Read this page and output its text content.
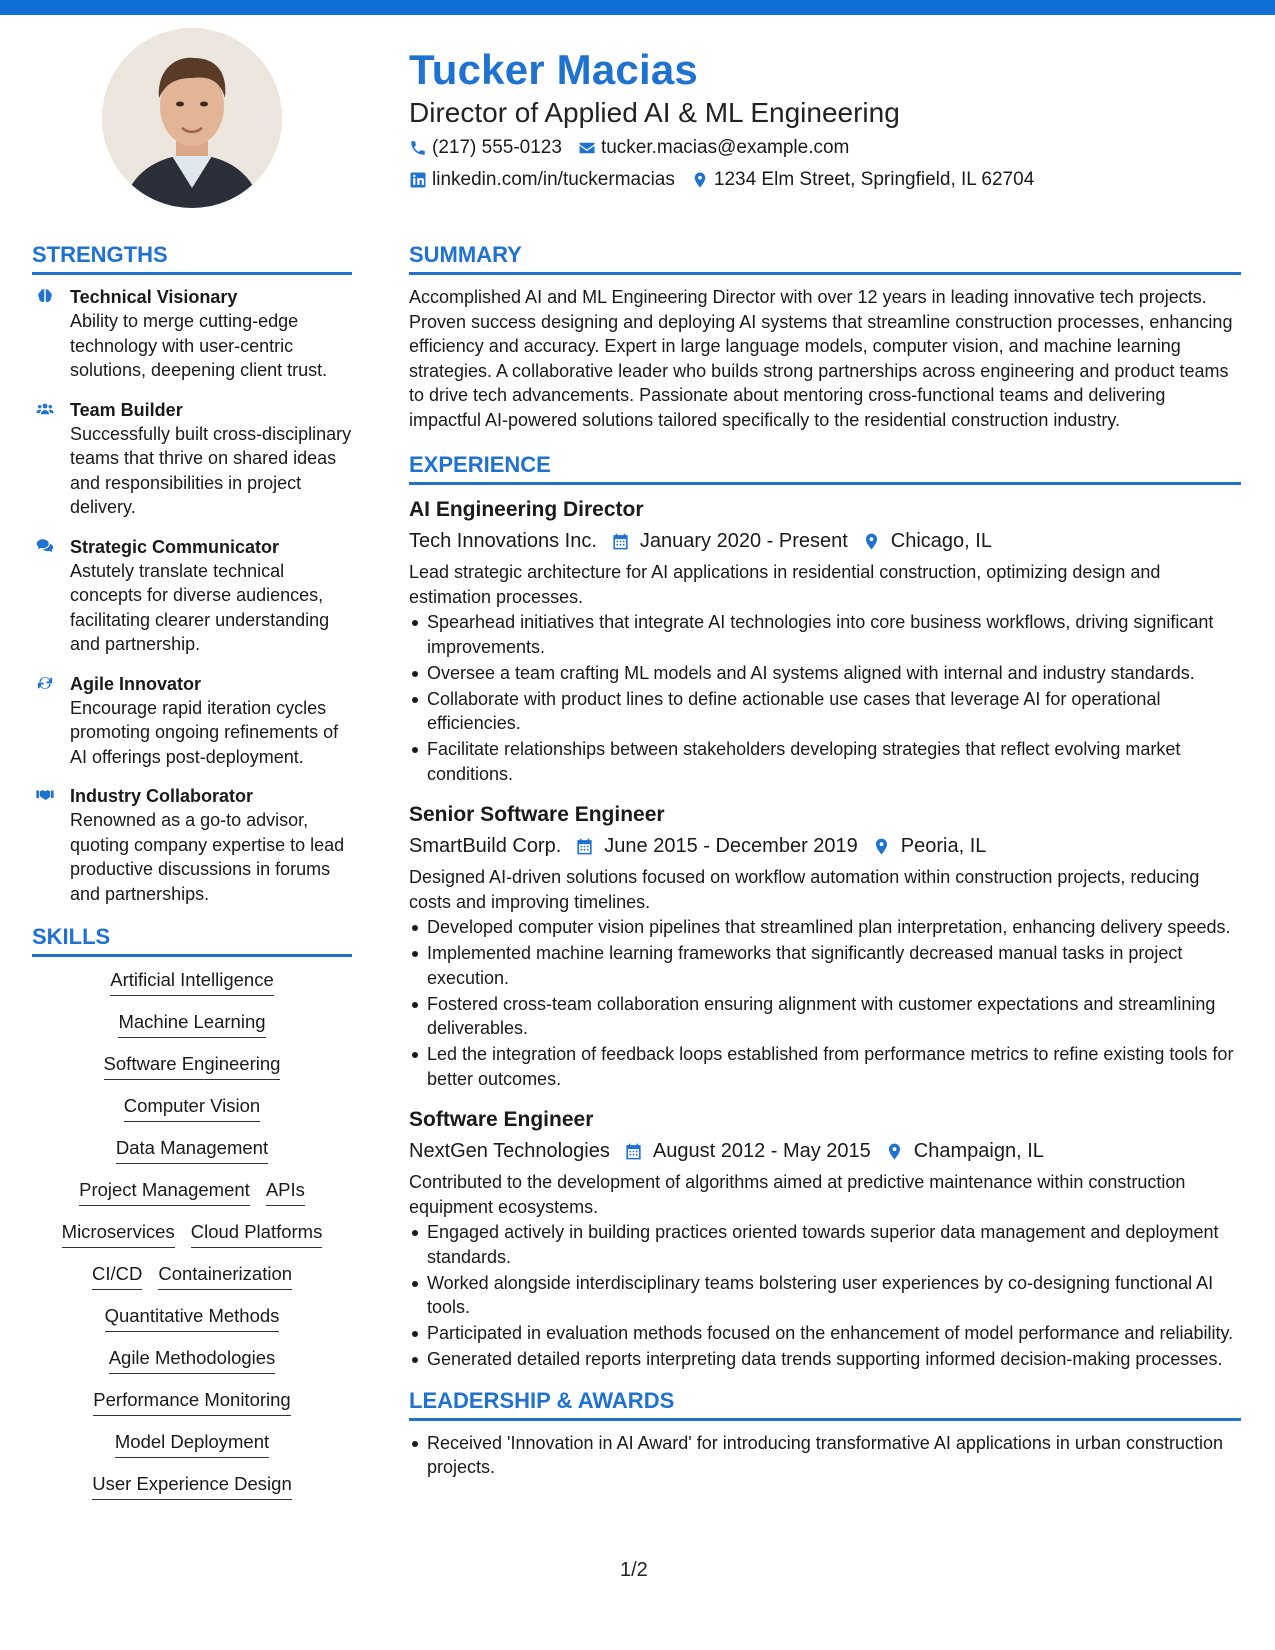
Tucker Macias
Director of Applied AI & ML Engineering
(217) 555-0123 tucker.macias@example.com
linkedin.com/in/tuckermacias 1234 Elm Street, Springfield, IL 62704
STRENGTHS
Technical Visionary
Ability to merge cutting-edge technology with user-centric solutions, deepening client trust.
Team Builder
Successfully built cross-disciplinary teams that thrive on shared ideas and responsibilities in project delivery.
Strategic Communicator
Astutely translate technical concepts for diverse audiences, facilitating clearer understanding and partnership.
Agile Innovator
Encourage rapid iteration cycles promoting ongoing refinements of AI offerings post-deployment.
Industry Collaborator
Renowned as a go-to advisor, quoting company expertise to lead productive discussions in forums and partnerships.
SKILLS
Artificial Intelligence
Machine Learning
Software Engineering
Computer Vision
Data Management
Project Management APIs
Microservices Cloud Platforms
CI/CD Containerization
Quantitative Methods
Agile Methodologies
Performance Monitoring
Model Deployment
User Experience Design
SUMMARY
Accomplished AI and ML Engineering Director with over 12 years in leading innovative tech projects. Proven success designing and deploying AI systems that streamline construction processes, enhancing efficiency and accuracy. Expert in large language models, computer vision, and machine learning strategies. A collaborative leader who builds strong partnerships across engineering and product teams to drive tech advancements. Passionate about mentoring cross-functional teams and delivering impactful AI-powered solutions tailored specifically to the residential construction industry.
EXPERIENCE
AI Engineering Director
Tech Innovations Inc. January 2020 - Present Chicago, IL
Lead strategic architecture for AI applications in residential construction, optimizing design and estimation processes.
Spearhead initiatives that integrate AI technologies into core business workflows, driving significant improvements.
Oversee a team crafting ML models and AI systems aligned with internal and industry standards.
Collaborate with product lines to define actionable use cases that leverage AI for operational efficiencies.
Facilitate relationships between stakeholders developing strategies that reflect evolving market conditions.
Senior Software Engineer
SmartBuild Corp. June 2015 - December 2019 Peoria, IL
Designed AI-driven solutions focused on workflow automation within construction projects, reducing costs and improving timelines.
Developed computer vision pipelines that streamlined plan interpretation, enhancing delivery speeds.
Implemented machine learning frameworks that significantly decreased manual tasks in project execution.
Fostered cross-team collaboration ensuring alignment with customer expectations and streamlining deliverables.
Led the integration of feedback loops established from performance metrics to refine existing tools for better outcomes.
Software Engineer
NextGen Technologies August 2012 - May 2015 Champaign, IL
Contributed to the development of algorithms aimed at predictive maintenance within construction equipment ecosystems.
Engaged actively in building practices oriented towards superior data management and deployment standards.
Worked alongside interdisciplinary teams bolstering user experiences by co-designing functional AI tools.
Participated in evaluation methods focused on the enhancement of model performance and reliability.
Generated detailed reports interpreting data trends supporting informed decision-making processes.
LEADERSHIP & AWARDS
Received 'Innovation in AI Award' for introducing transformative AI applications in urban construction projects.
1/2
